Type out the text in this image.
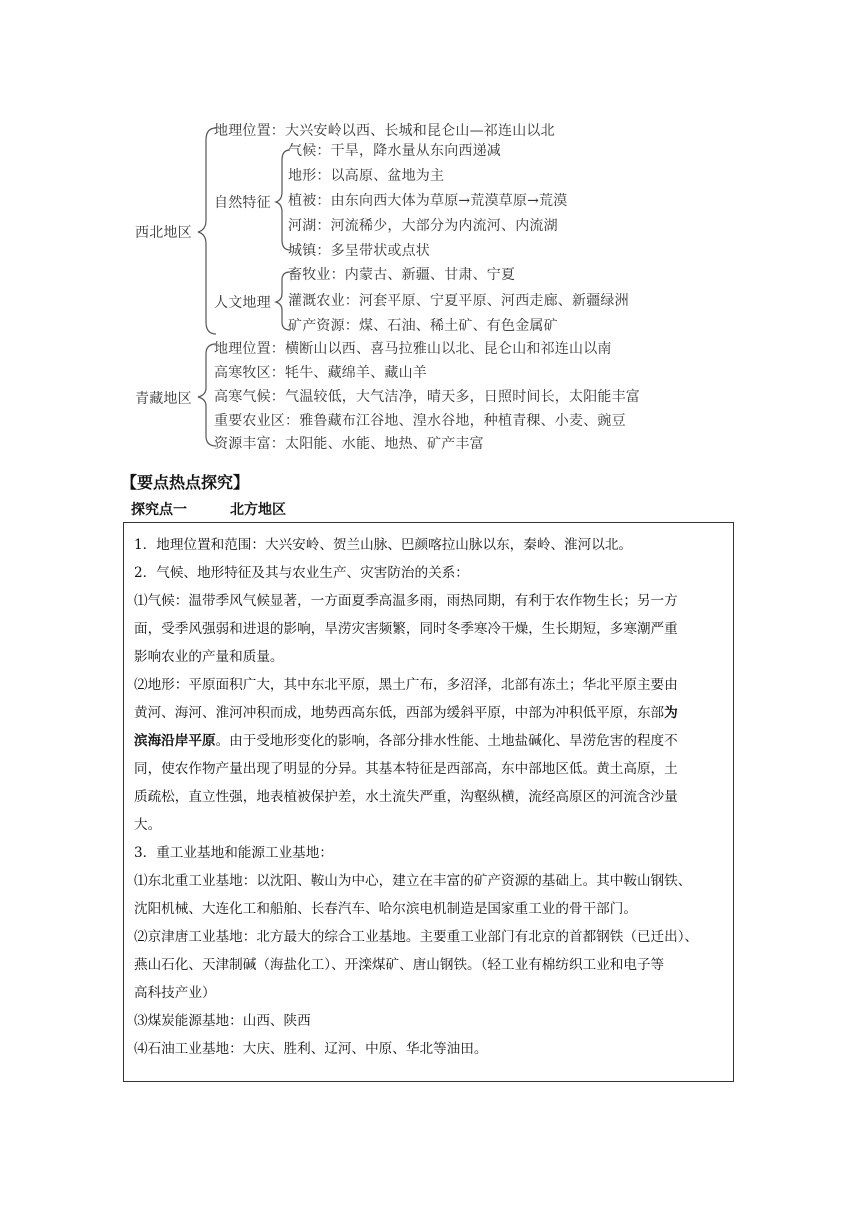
西北地区
地理位置：大兴安岭以西、长城和昆仑山—祁连山以北
自然特征
气候：干旱，降水量从东向西递减
地形：以高原、盆地为主
植被：由东向西大体为草原→荒漠草原→荒漠
河湖：河流稀少，大部分为内流河、内流湖
城镇：多呈带状或点状
人文地理
畜牧业：内蒙古、新疆、甘肃、宁夏
灌溉农业：河套平原、宁夏平原、河西走廊、新疆绿洲
矿产资源：煤、石油、稀土矿、有色金属矿
青藏地区
地理位置：横断山以西、喜马拉雅山以北、昆仑山和祁连山以南
高寒牧区：牦牛、藏绵羊、藏山羊
高寒气候：气温较低，大气洁净，晴天多，日照时间长，太阳能丰富
重要农业区：雅鲁藏布江谷地、湟水谷地，种植青稞、小麦、豌豆
资源丰富：太阳能、水能、地热、矿产丰富
【要点热点探究】
探究点一	北方地区
1．地理位置和范围：大兴安岭、贺兰山脉、巴颜喀拉山脉以东，秦岭、淮河以北。
2．气候、地形特征及其与农业生产、灾害防治的关系：
⑴气候：温带季风气候显著，一方面夏季高温多雨，雨热同期，有利于农作物生长；另一方
面，受季风强弱和进退的影响，旱涝灾害频繁，同时冬季寒冷干燥，生长期短，多寒潮严重
影响农业的产量和质量。
⑵地形：平原面积广大，其中东北平原，黑土广布，多沼泽，北部有冻土；华北平原主要由
黄河、海河、淮河冲积而成，地势西高东低，西部为缓斜平原，中部为冲积低平原，东部为
滨海沿岸平原。由于受地形变化的影响，各部分排水性能、土地盐碱化、旱涝危害的程度不
同，使农作物产量出现了明显的分异。其基本特征是西部高，东中部地区低。黄土高原，土
质疏松，直立性强，地表植被保护差，水土流失严重，沟壑纵横，流经高原区的河流含沙量
大。
3．重工业基地和能源工业基地：
⑴东北重工业基地：以沈阳、鞍山为中心，建立在丰富的矿产资源的基础上。其中鞍山钢铁、
沈阳机械、大连化工和船舶、长春汽车、哈尔滨电机制造是国家重工业的骨干部门。
⑵京津唐工业基地：北方最大的综合工业基地。主要重工业部门有北京的首都钢铁（已迁出）、
燕山石化、天津制碱（海盐化工）、开滦煤矿、唐山钢铁。（轻工业有棉纺织工业和电子等
高科技产业）
⑶煤炭能源基地：山西、陕西
⑷石油工业基地：大庆、胜利、辽河、中原、华北等油田。
